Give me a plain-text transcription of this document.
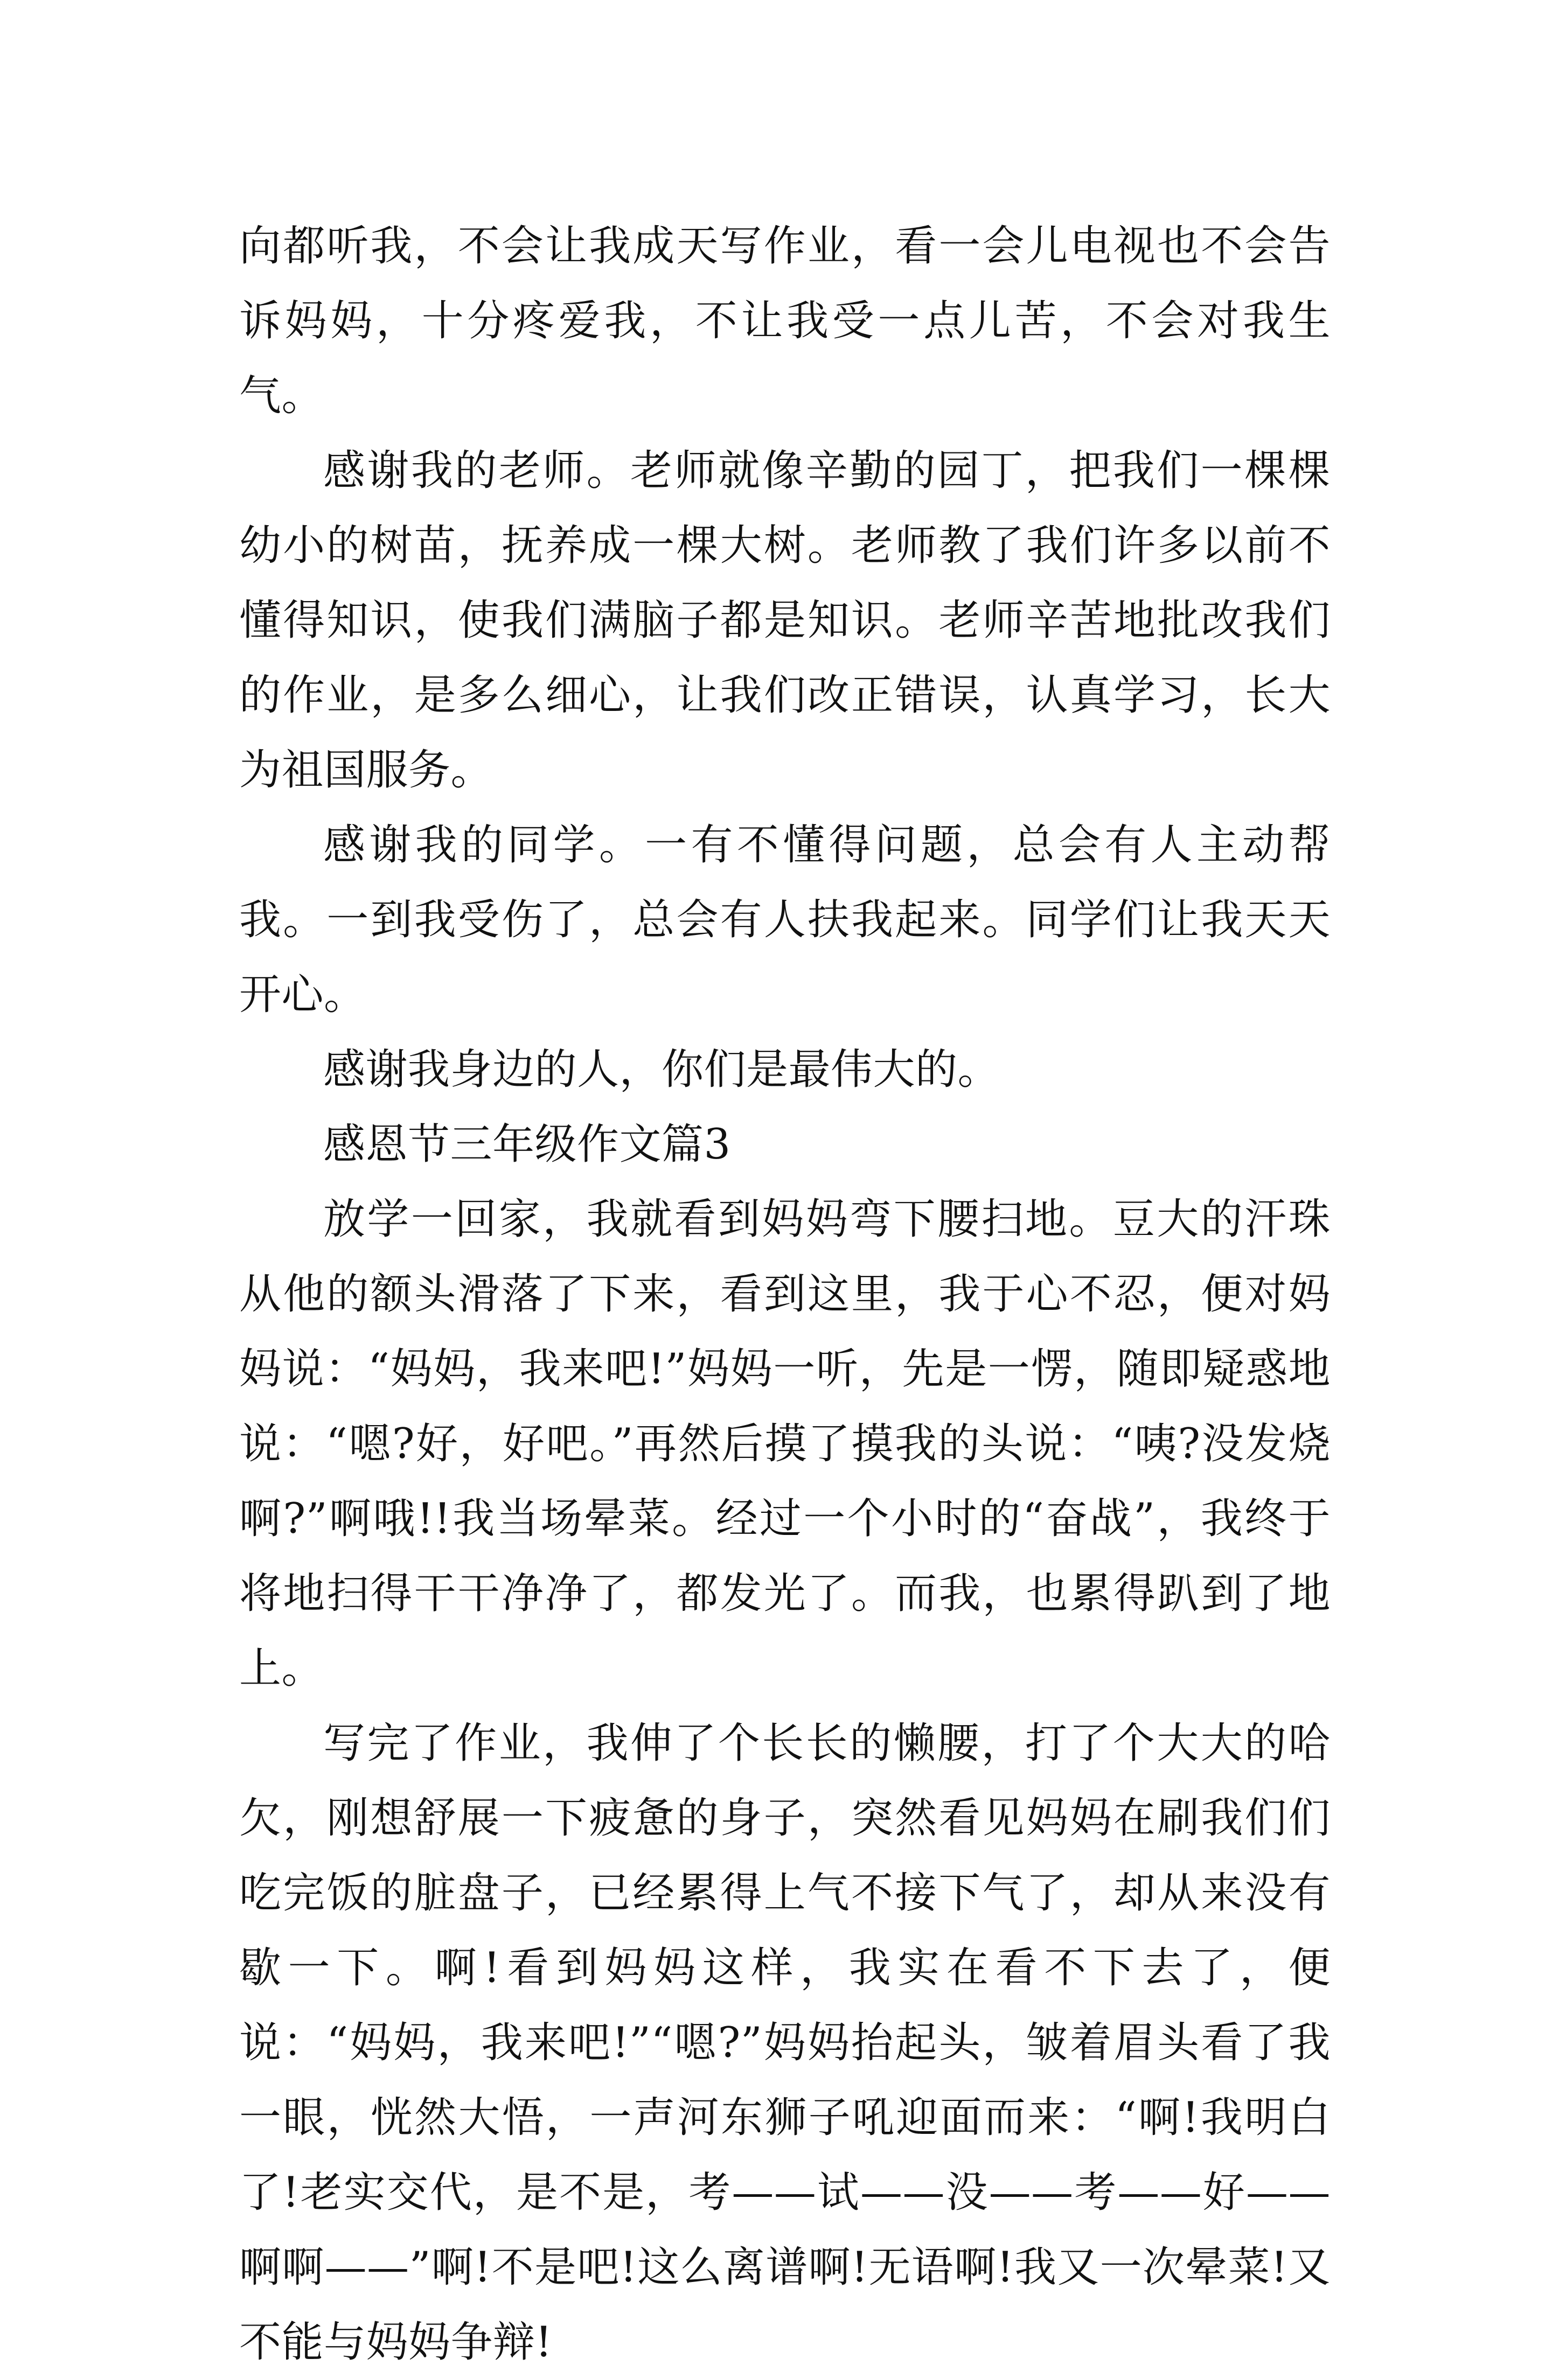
向都听我，不会让我成天写作业，看一会儿电视也不会告诉妈妈，十分疼爱我，不让我受一点儿苦，不会对我生气。

感谢我的老师。老师就像辛勤的园丁，把我们一棵棵幼小的树苗，抚养成一棵大树。老师教了我们许多以前不懂得知识，使我们满脑子都是知识。老师辛苦地批改我们的作业，是多么细心，让我们改正错误，认真学习，长大为祖国服务。

感谢我的同学。一有不懂得问题，总会有人主动帮我。一到我受伤了，总会有人扶我起来。同学们让我天天开心。

感谢我身边的人，你们是最伟大的。

感恩节三年级作文篇3

放学一回家，我就看到妈妈弯下腰扫地。豆大的汗珠从他的额头滑落了下来，看到这里，我于心不忍，便对妈妈说：“妈妈，我来吧!”妈妈一听，先是一愣，随即疑惑地说：“嗯?好，好吧。”再然后摸了摸我的头说：“咦?没发烧啊?”啊哦!!我当场晕菜。经过一个小时的“奋战”，我终于将地扫得干干净净了，都发光了。而我，也累得趴到了地上。

写完了作业，我伸了个长长的懒腰，打了个大大的哈欠，刚想舒展一下疲惫的身子，突然看见妈妈在刷我们们吃完饭的脏盘子，已经累得上气不接下气了，却从来没有歇一下。啊!看到妈妈这样，我实在看不下去了，便说：“妈妈，我来吧!”“嗯?”妈妈抬起头，皱着眉头看了我一眼，恍然大悟，一声河东狮子吼迎面而来：“啊!我明白了!老实交代，是不是，考——试——没——考——好——啊啊——”啊!不是吧!这么离谱啊!无语啊!我又一次晕菜!又不能与妈妈争辩!
